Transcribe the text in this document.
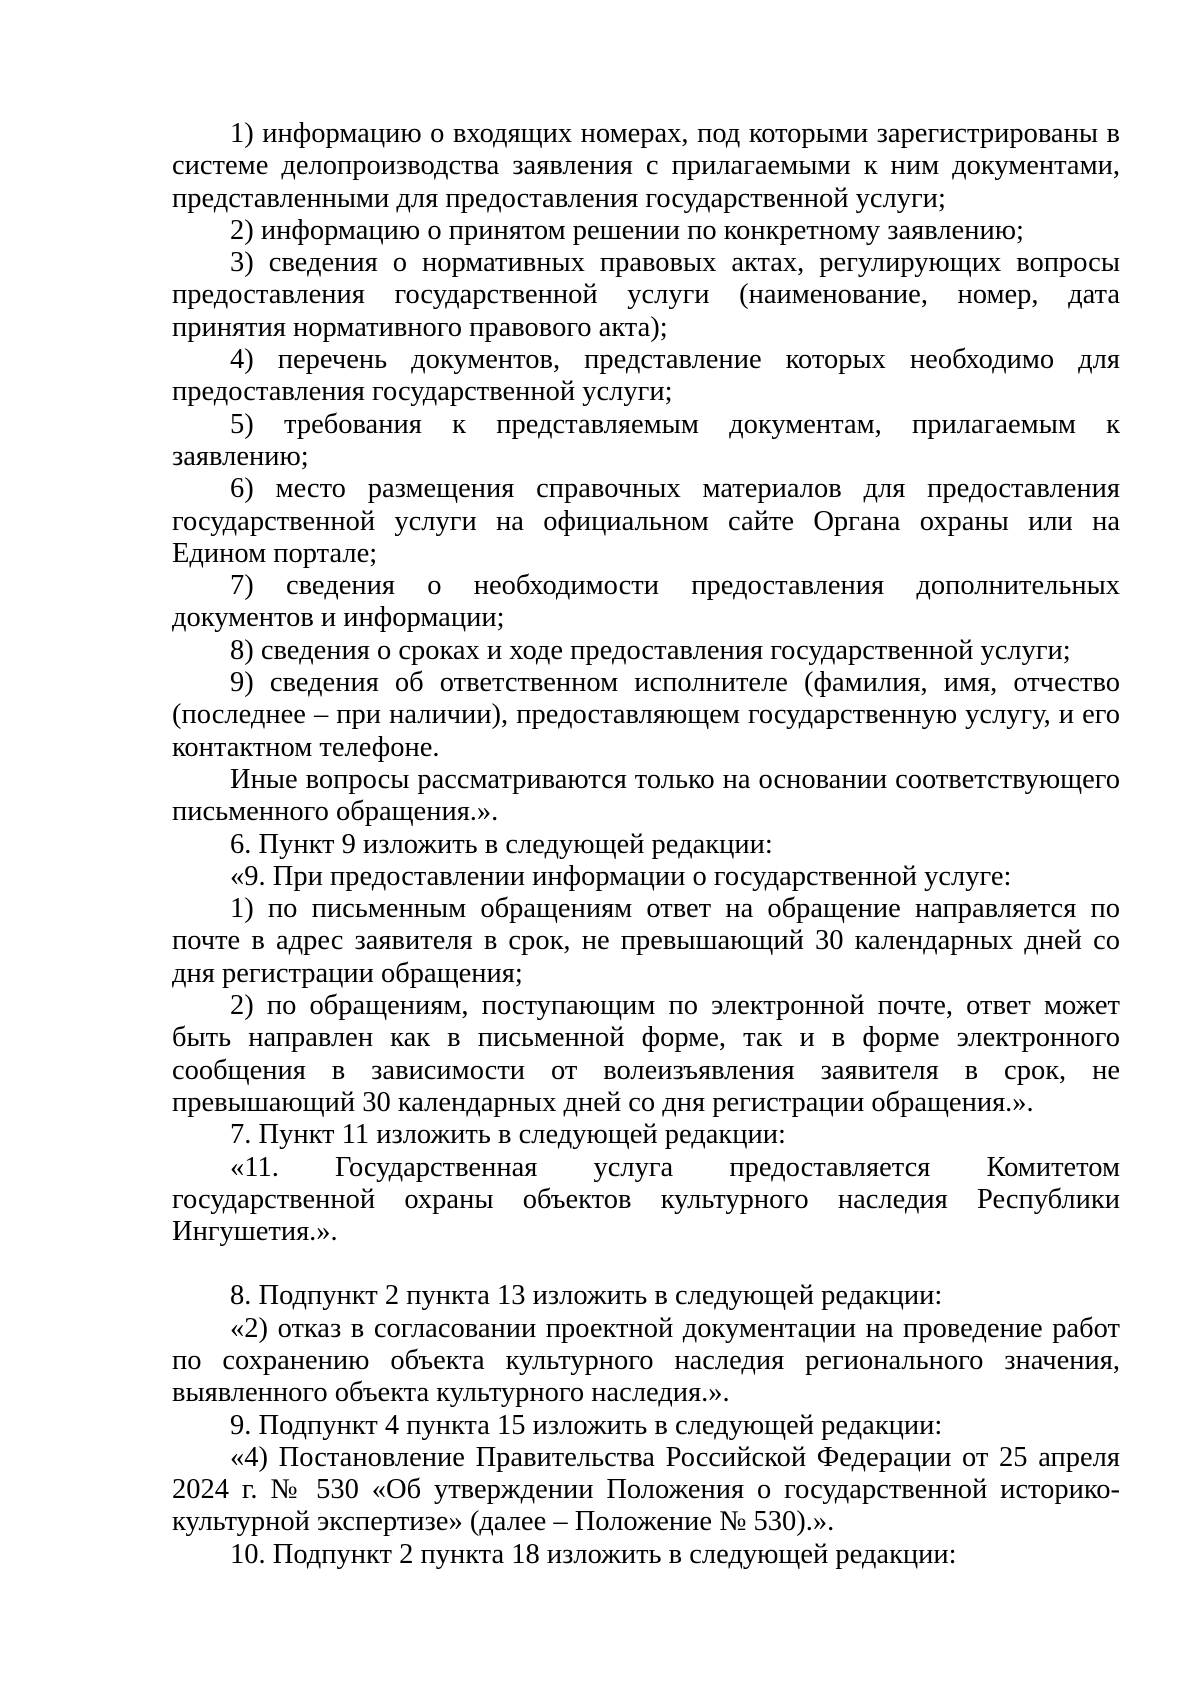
1) информацию о входящих номерах, под которыми зарегистрированы в системе делопроизводства заявления с прилагаемыми к ним документами, представленными для предоставления государственной услуги;

2) информацию о принятом решении по конкретному заявлению;

3) сведения о нормативных правовых актах, регулирующих вопросы предоставления государственной услуги (наименование, номер, дата принятия нормативного правового акта);

4) перечень документов, представление которых необходимо для предоставления государственной услуги;

5) требования к представляемым документам, прилагаемым к заявлению;

6) место размещения справочных материалов для предоставления государственной услуги на официальном сайте Органа охраны или на Едином портале;

7) сведения о необходимости предоставления дополнительных документов и информации;

8) сведения о сроках и ходе предоставления государственной услуги;

9) сведения об ответственном исполнителе (фамилия, имя, отчество (последнее – при наличии), предоставляющем государственную услугу, и его контактном телефоне.

Иные вопросы рассматриваются только на основании соответствующего письменного обращения.».

6. Пункт 9 изложить в следующей редакции:

«9. При предоставлении информации о государственной услуге:

1) по письменным обращениям ответ на обращение направляется по почте в адрес заявителя в срок, не превышающий 30 календарных дней со дня регистрации обращения;

2) по обращениям, поступающим по электронной почте, ответ может быть направлен как в письменной форме, так и в форме электронного сообщения в зависимости от волеизъявления заявителя в срок, не превышающий 30 календарных дней со дня регистрации обращения.».

7. Пункт 11 изложить в следующей редакции:

«11. Государственная услуга предоставляется Комитетом государственной охраны объектов культурного наследия Республики Ингушетия.».

8. Подпункт 2 пункта 13 изложить в следующей редакции:

«2) отказ в согласовании проектной документации на проведение работ по сохранению объекта культурного наследия регионального значения, выявленного объекта культурного наследия.».

9. Подпункт 4 пункта 15 изложить в следующей редакции:

«4) Постановление Правительства Российской Федерации от 25 апреля 2024 г. № 530 «Об утверждении Положения о государственной историко-культурной экспертизе» (далее – Положение № 530).».

10. Подпункт 2 пункта 18 изложить в следующей редакции:
